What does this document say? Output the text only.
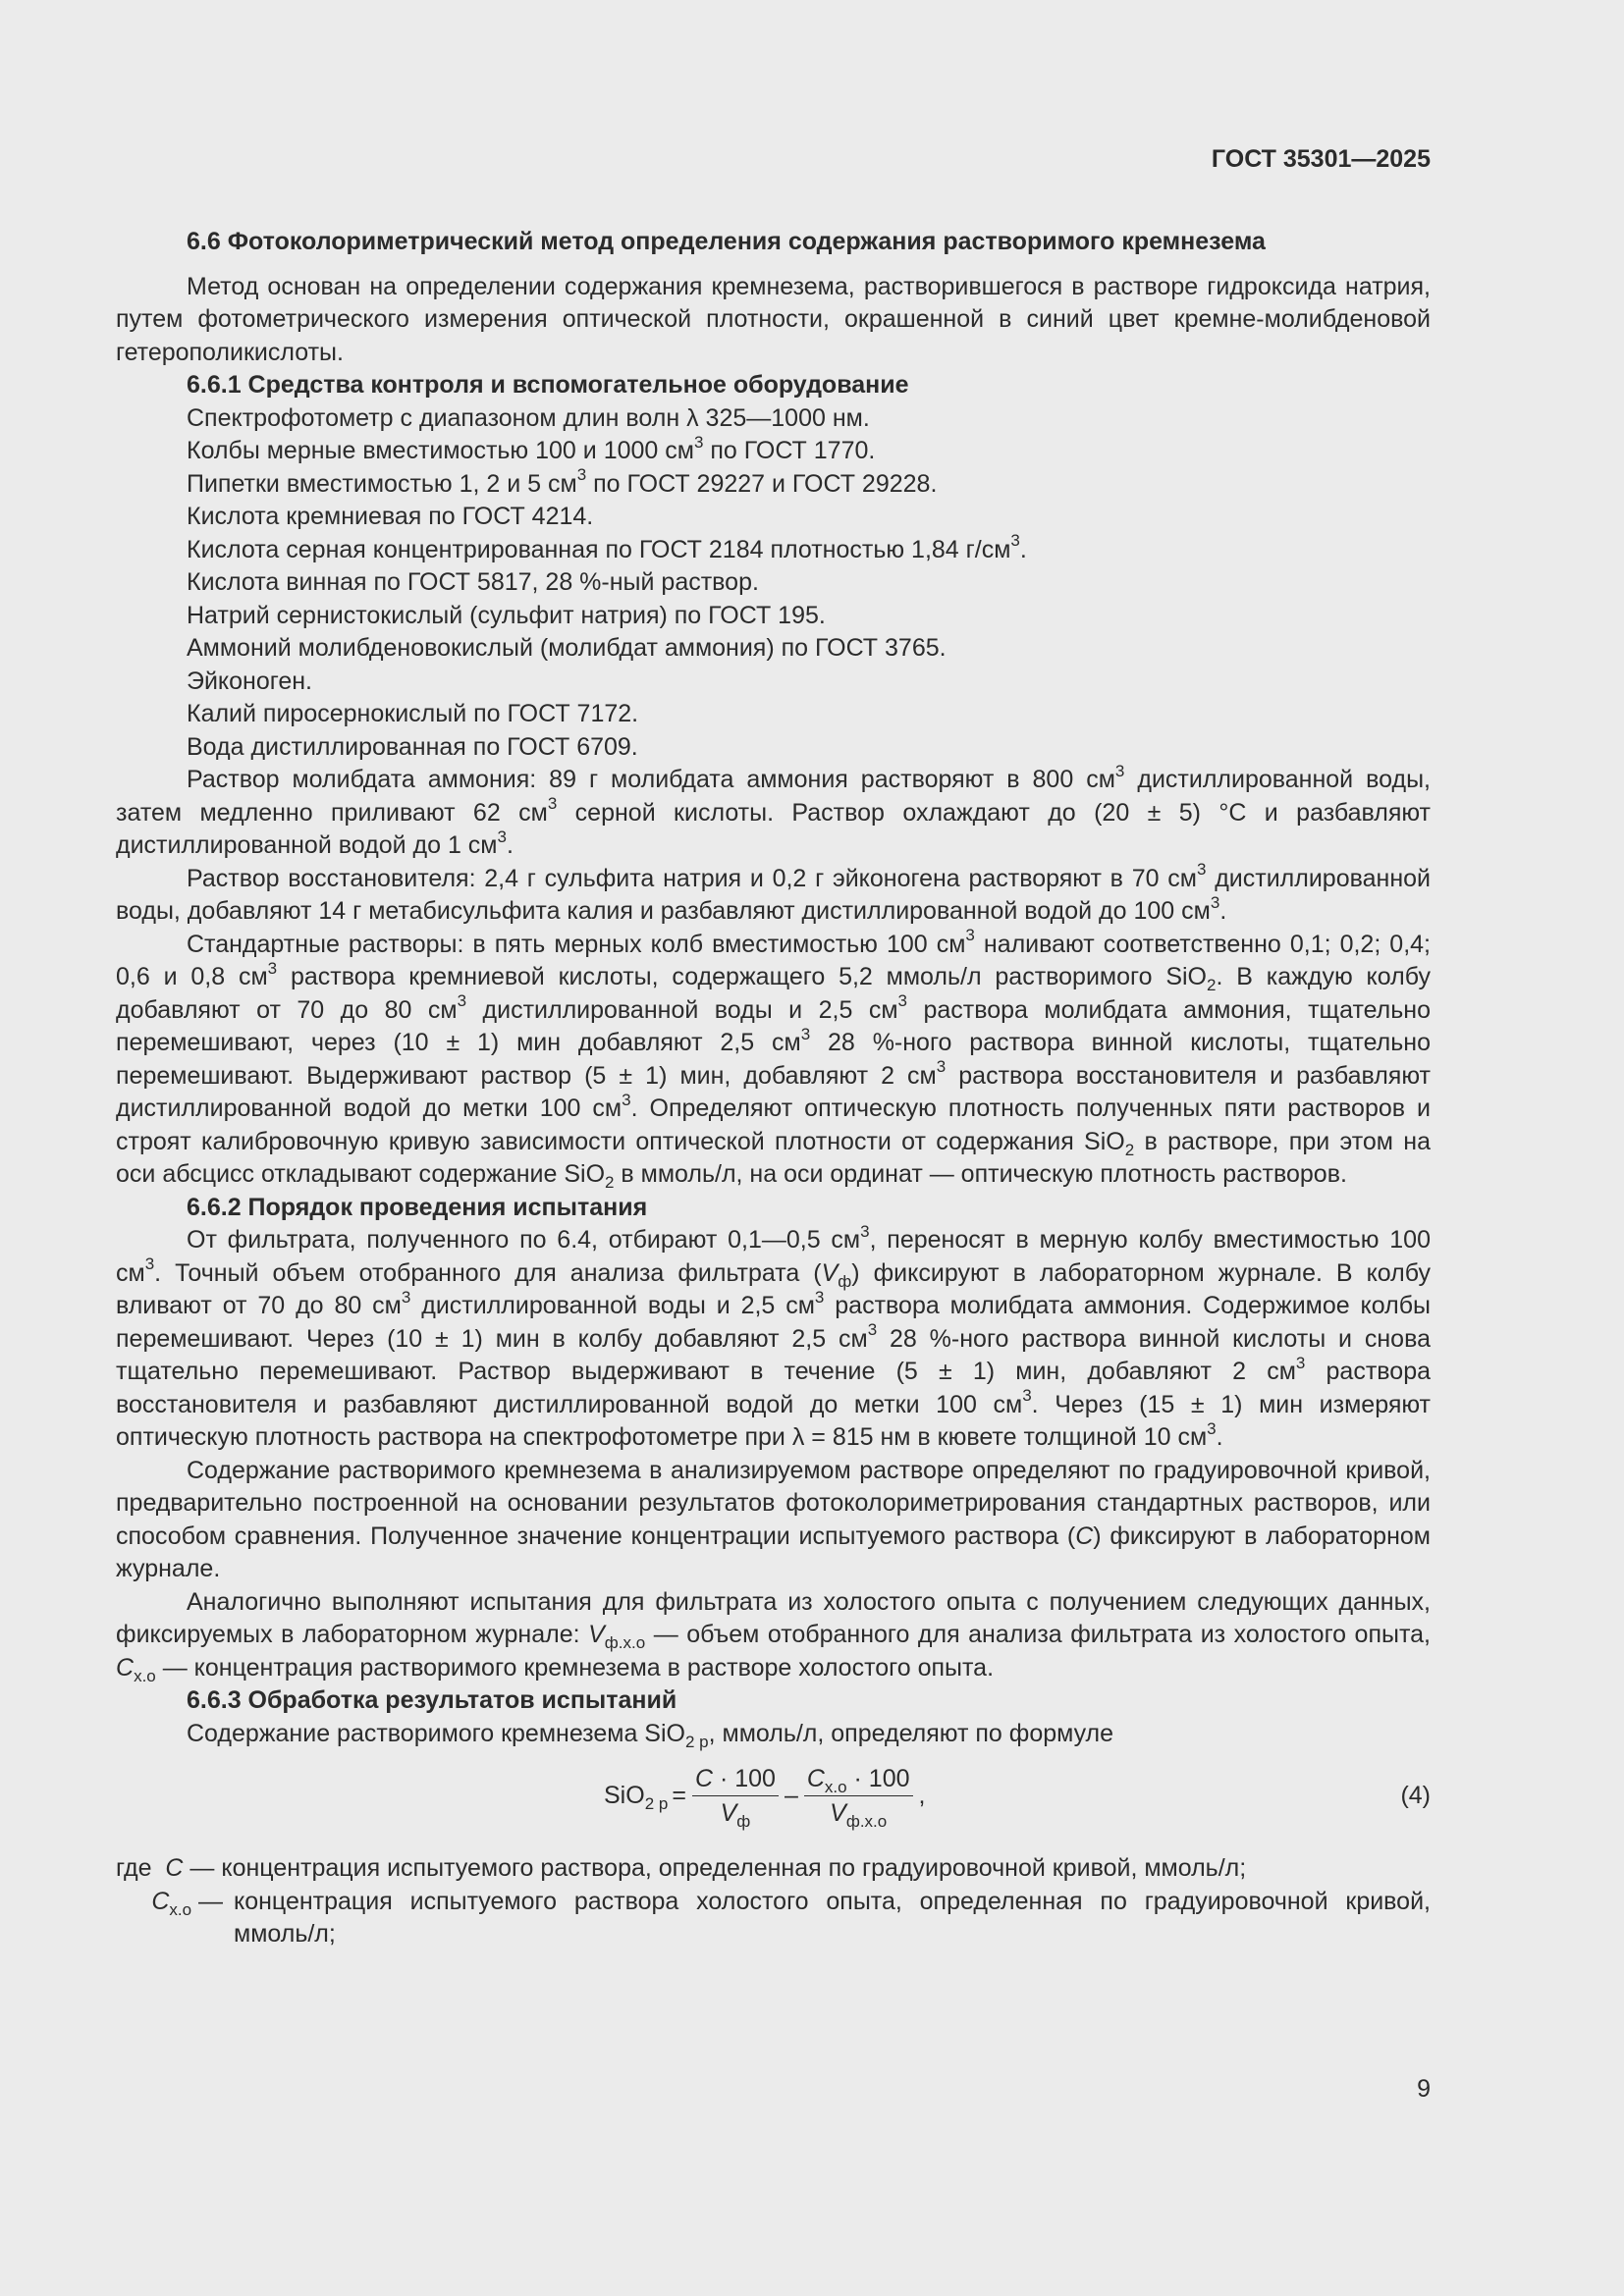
ГОСТ 35301—2025

6.6 Фотоколориметрический метод определения содержания растворимого кремнезема

Метод основан на определении содержания кремнезема, растворившегося в растворе гидроксида натрия, путем фотометрического измерения оптической плотности, окрашенной в синий цвет кремне-молибденовой гетерополикислоты.

6.6.1 Средства контроля и вспомогательное оборудование

Спектрофотометр с диапазоном длин волн λ 325—1000 нм.

Колбы мерные вместимостью 100 и 1000 $см^3$ по ГОСТ 1770.

Пипетки вместимостью 1, 2 и 5 $см^3$ по ГОСТ 29227 и ГОСТ 29228.

Кислота кремниевая по ГОСТ 4214.

Кислота серная концентрированная по ГОСТ 2184 плотностью 1,84 $г/см^3$.

Кислота винная по ГОСТ 5817, 28 %-ный раствор.

Натрий сернистокислый (сульфит натрия) по ГОСТ 195.

Аммоний молибденовокислый (молибдат аммония) по ГОСТ 3765.

Эйконоген.

Калий пиросернокислый по ГОСТ 7172.

Вода дистиллированная по ГОСТ 6709.

Раствор молибдата аммония: 89 г молибдата аммония растворяют в 800 $см^3$ дистиллированной воды, затем медленно приливают 62 $см^3$ серной кислоты. Раствор охлаждают до (20 ± 5) °С и разбавляют дистиллированной водой до 1 $см^3$.

Раствор восстановителя: 2,4 г сульфита натрия и 0,2 г эйконогена растворяют в 70 $см^3$ дистиллированной воды, добавляют 14 г метабисульфита калия и разбавляют дистиллированной водой до 100 $см^3$.

Стандартные растворы: в пять мерных колб вместимостью 100 $см^3$ наливают соответственно 0,1; 0,2; 0,4; 0,6 и 0,8 $см^3$ раствора кремниевой кислоты, содержащего 5,2 ммоль/л растворимого SiO$_2$. В каждую колбу добавляют от 70 до 80 $см^3$ дистиллированной воды и 2,5 $см^3$ раствора молибдата аммония, тщательно перемешивают, через (10 ± 1) мин добавляют 2,5 $см^3$ 28 %-ного раствора винной кислоты, тщательно перемешивают. Выдерживают раствор (5 ± 1) мин, добавляют 2 $см^3$ раствора восстановителя и разбавляют дистиллированной водой до метки 100 $см^3$. Определяют оптическую плотность полученных пяти растворов и строят калибровочную кривую зависимости оптической плотности от содержания SiO$_2$ в растворе, при этом на оси абсцисс откладывают содержание SiO$_2$ в ммоль/л, на оси ординат — оптическую плотность растворов.

6.6.2 Порядок проведения испытания

От фильтрата, полученного по 6.4, отбирают 0,1—0,5 $см^3$, переносят в мерную колбу вместимостью 100 $см^3$. Точный объем отобранного для анализа фильтрата $(V_ф)$ фиксируют в лабораторном журнале. В колбу вливают от 70 до 80 $см^3$ дистиллированной воды и 2,5 $см^3$ раствора молибдата аммония. Содержимое колбы перемешивают. Через (10 ± 1) мин в колбу добавляют 2,5 $см^3$ 28 %-ного раствора винной кислоты и снова тщательно перемешивают. Раствор выдерживают в течение (5 ± 1) мин, добавляют 2 $см^3$ раствора восстановителя и разбавляют дистиллированной водой до метки 100 $см^3$. Через (15 ± 1) мин измеряют оптическую плотность раствора на спектрофотометре при λ = 815 нм в кювете толщиной 10 $см^3$.

Содержание растворимого кремнезема в анализируемом растворе определяют по градуировочной кривой, предварительно построенной на основании результатов фотоколориметрирования стандартных растворов, или способом сравнения. Полученное значение концентрации испытуемого раствора (C) фиксируют в лабораторном журнале.

Аналогично выполняют испытания для фильтрата из холостого опыта с получением следующих данных, фиксируемых в лабораторном журнале: $V_{ф.х.о}$ — объем отобранного для анализа фильтрата из холостого опыта, $C_{х.о}$ — концентрация растворимого кремнезема в растворе холостого опыта.

6.6.3 Обработка результатов испытаний

Содержание растворимого кремнезема SiO$_{2 р}$, ммоль/л, определяют по формуле

$SiO_{2 р} = \frac{C \cdot 100}{V_ф} - \frac{C_{х.о} \cdot 100}{V_{ф.х.о}}$ ,	(4)
где C — концентрация испытуемого раствора, определенная по градуировочной кривой, ммоль/л;
$C_{х.о}$ — концентрация испытуемого раствора холостого опыта, определенная по градуировочной кривой, ммоль/л;
9
